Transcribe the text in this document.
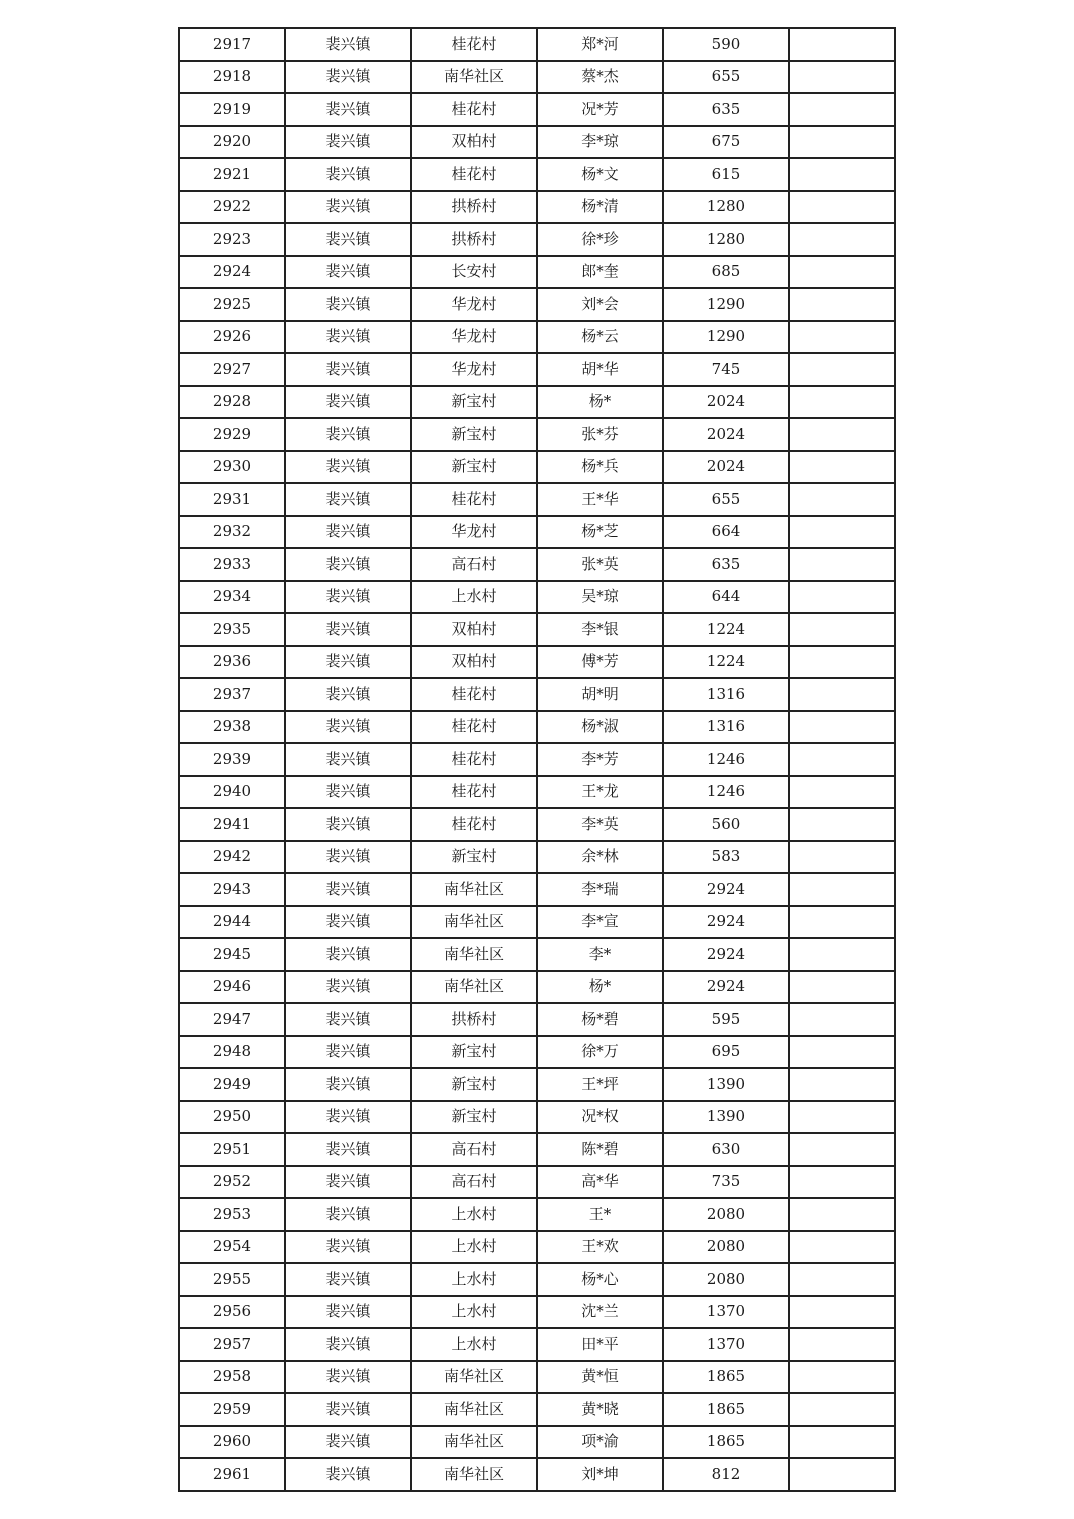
2917	裴兴镇	桂花村	郑*河	590	
2918	裴兴镇	南华社区	蔡*杰	655	
2919	裴兴镇	桂花村	况*芳	635	
2920	裴兴镇	双柏村	李*琼	675	
2921	裴兴镇	桂花村	杨*文	615	
2922	裴兴镇	拱桥村	杨*清	1280	
2923	裴兴镇	拱桥村	徐*珍	1280	
2924	裴兴镇	长安村	郎*奎	685	
2925	裴兴镇	华龙村	刘*会	1290	
2926	裴兴镇	华龙村	杨*云	1290	
2927	裴兴镇	华龙村	胡*华	745	
2928	裴兴镇	新宝村	杨*	2024	
2929	裴兴镇	新宝村	张*芬	2024	
2930	裴兴镇	新宝村	杨*兵	2024	
2931	裴兴镇	桂花村	王*华	655	
2932	裴兴镇	华龙村	杨*芝	664	
2933	裴兴镇	高石村	张*英	635	
2934	裴兴镇	上水村	吴*琼	644	
2935	裴兴镇	双柏村	李*银	1224	
2936	裴兴镇	双柏村	傅*芳	1224	
2937	裴兴镇	桂花村	胡*明	1316	
2938	裴兴镇	桂花村	杨*淑	1316	
2939	裴兴镇	桂花村	李*芳	1246	
2940	裴兴镇	桂花村	王*龙	1246	
2941	裴兴镇	桂花村	李*英	560	
2942	裴兴镇	新宝村	余*林	583	
2943	裴兴镇	南华社区	李*瑞	2924	
2944	裴兴镇	南华社区	李*宣	2924	
2945	裴兴镇	南华社区	李*	2924	
2946	裴兴镇	南华社区	杨*	2924	
2947	裴兴镇	拱桥村	杨*碧	595	
2948	裴兴镇	新宝村	徐*万	695	
2949	裴兴镇	新宝村	王*坪	1390	
2950	裴兴镇	新宝村	况*权	1390	
2951	裴兴镇	高石村	陈*碧	630	
2952	裴兴镇	高石村	高*华	735	
2953	裴兴镇	上水村	王*	2080	
2954	裴兴镇	上水村	王*欢	2080	
2955	裴兴镇	上水村	杨*心	2080	
2956	裴兴镇	上水村	沈*兰	1370	
2957	裴兴镇	上水村	田*平	1370	
2958	裴兴镇	南华社区	黄*恒	1865	
2959	裴兴镇	南华社区	黄*晓	1865	
2960	裴兴镇	南华社区	项*渝	1865	
2961	裴兴镇	南华社区	刘*坤	812	
